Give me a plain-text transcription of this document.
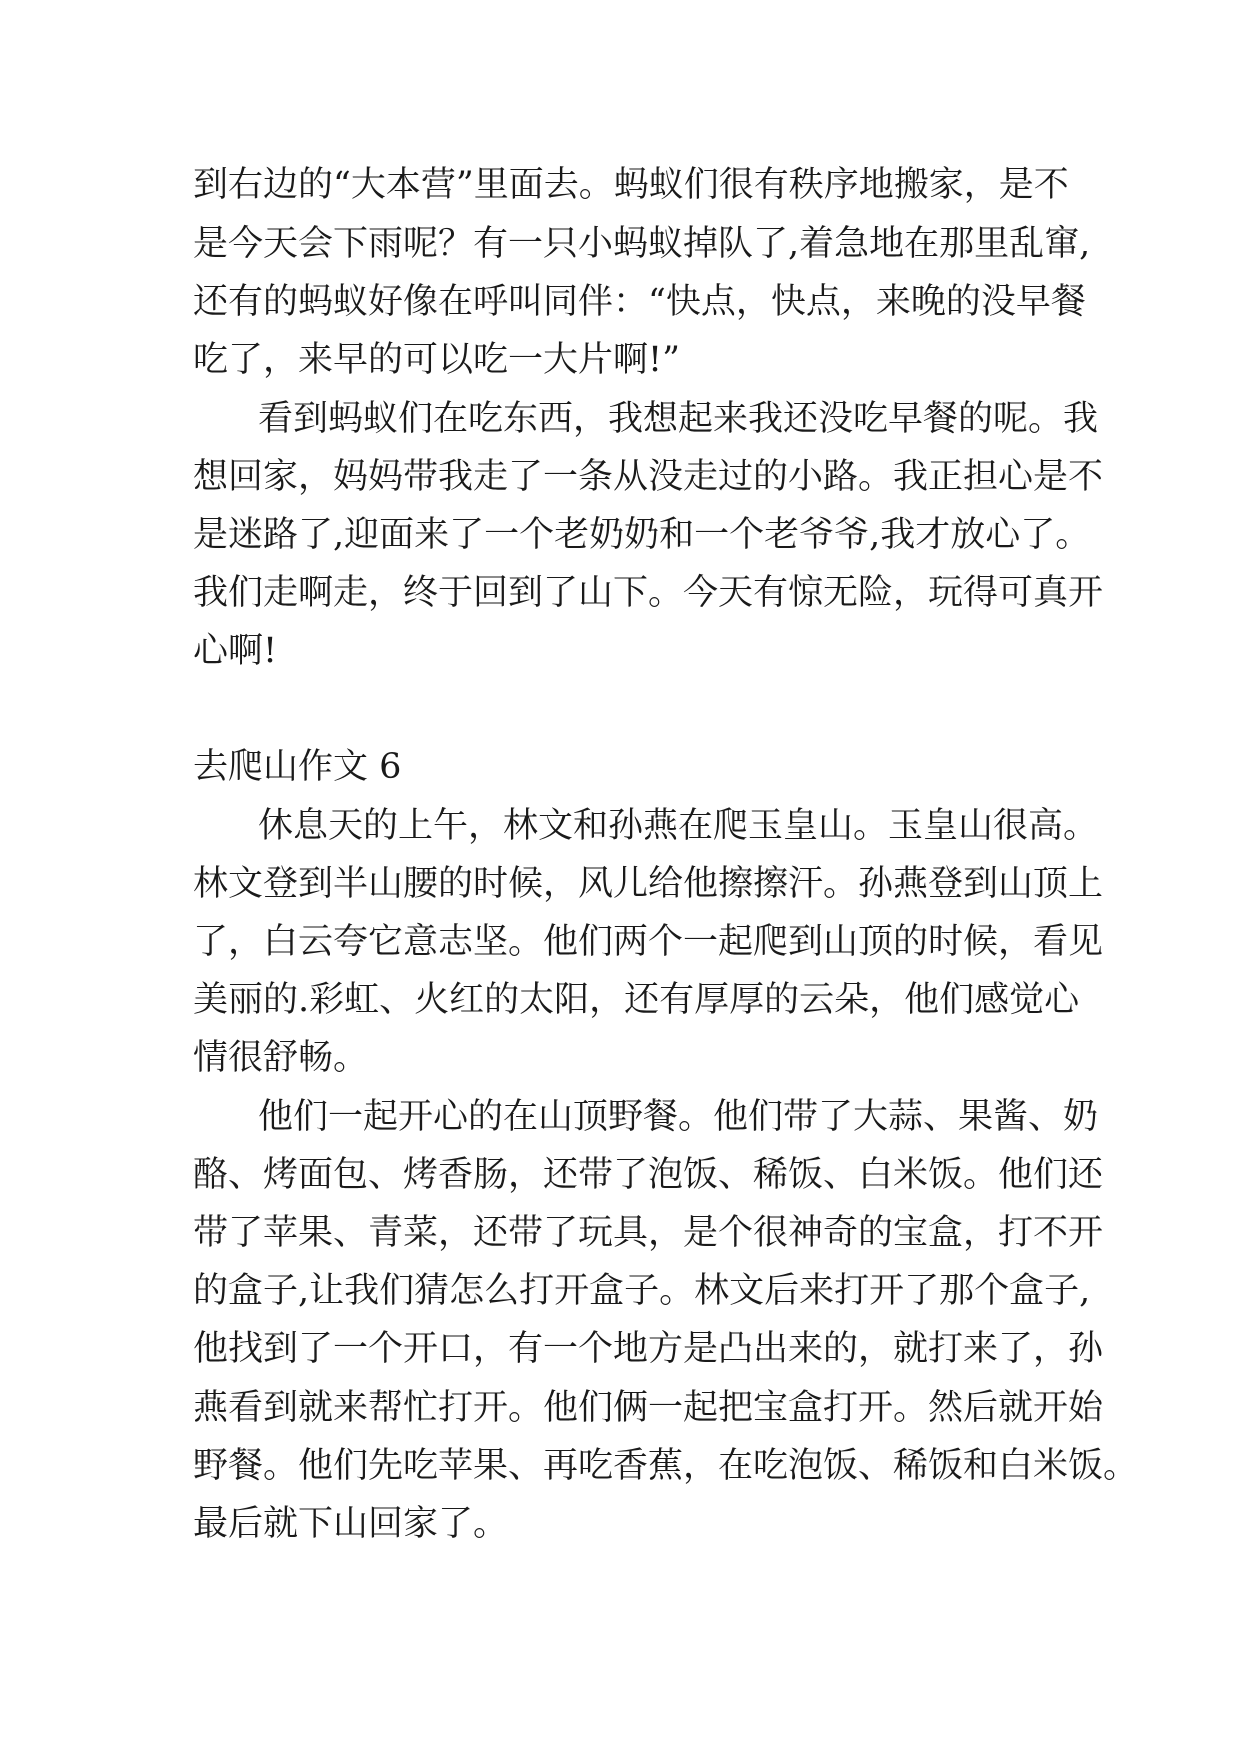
到右边的“大本营”里面去。蚂蚁们很有秩序地搬家，是不
是今天会下雨呢？有一只小蚂蚁掉队了,着急地在那里乱窜,
还有的蚂蚁好像在呼叫同伴：“快点，快点，来晚的没早餐
吃了，来早的可以吃一大片啊!”
看到蚂蚁们在吃东西，我想起来我还没吃早餐的呢。我
想回家，妈妈带我走了一条从没走过的小路。我正担心是不
是迷路了,迎面来了一个老奶奶和一个老爷爷,我才放心了。
我们走啊走，终于回到了山下。今天有惊无险，玩得可真开
心啊!
去爬山作文 6
休息天的上午，林文和孙燕在爬玉皇山。玉皇山很高。
林文登到半山腰的时候，风儿给他擦擦汗。孙燕登到山顶上
了，白云夸它意志坚。他们两个一起爬到山顶的时候，看见
美丽的.彩虹、火红的太阳，还有厚厚的云朵，他们感觉心
情很舒畅。
他们一起开心的在山顶野餐。他们带了大蒜、果酱、奶
酪、烤面包、烤香肠，还带了泡饭、稀饭、白米饭。他们还
带了苹果、青菜，还带了玩具，是个很神奇的宝盒，打不开
的盒子,让我们猜怎么打开盒子。林文后来打开了那个盒子,
他找到了一个开口，有一个地方是凸出来的，就打来了，孙
燕看到就来帮忙打开。他们俩一起把宝盒打开。然后就开始
野餐。他们先吃苹果、再吃香蕉，在吃泡饭、稀饭和白米饭。
最后就下山回家了。
